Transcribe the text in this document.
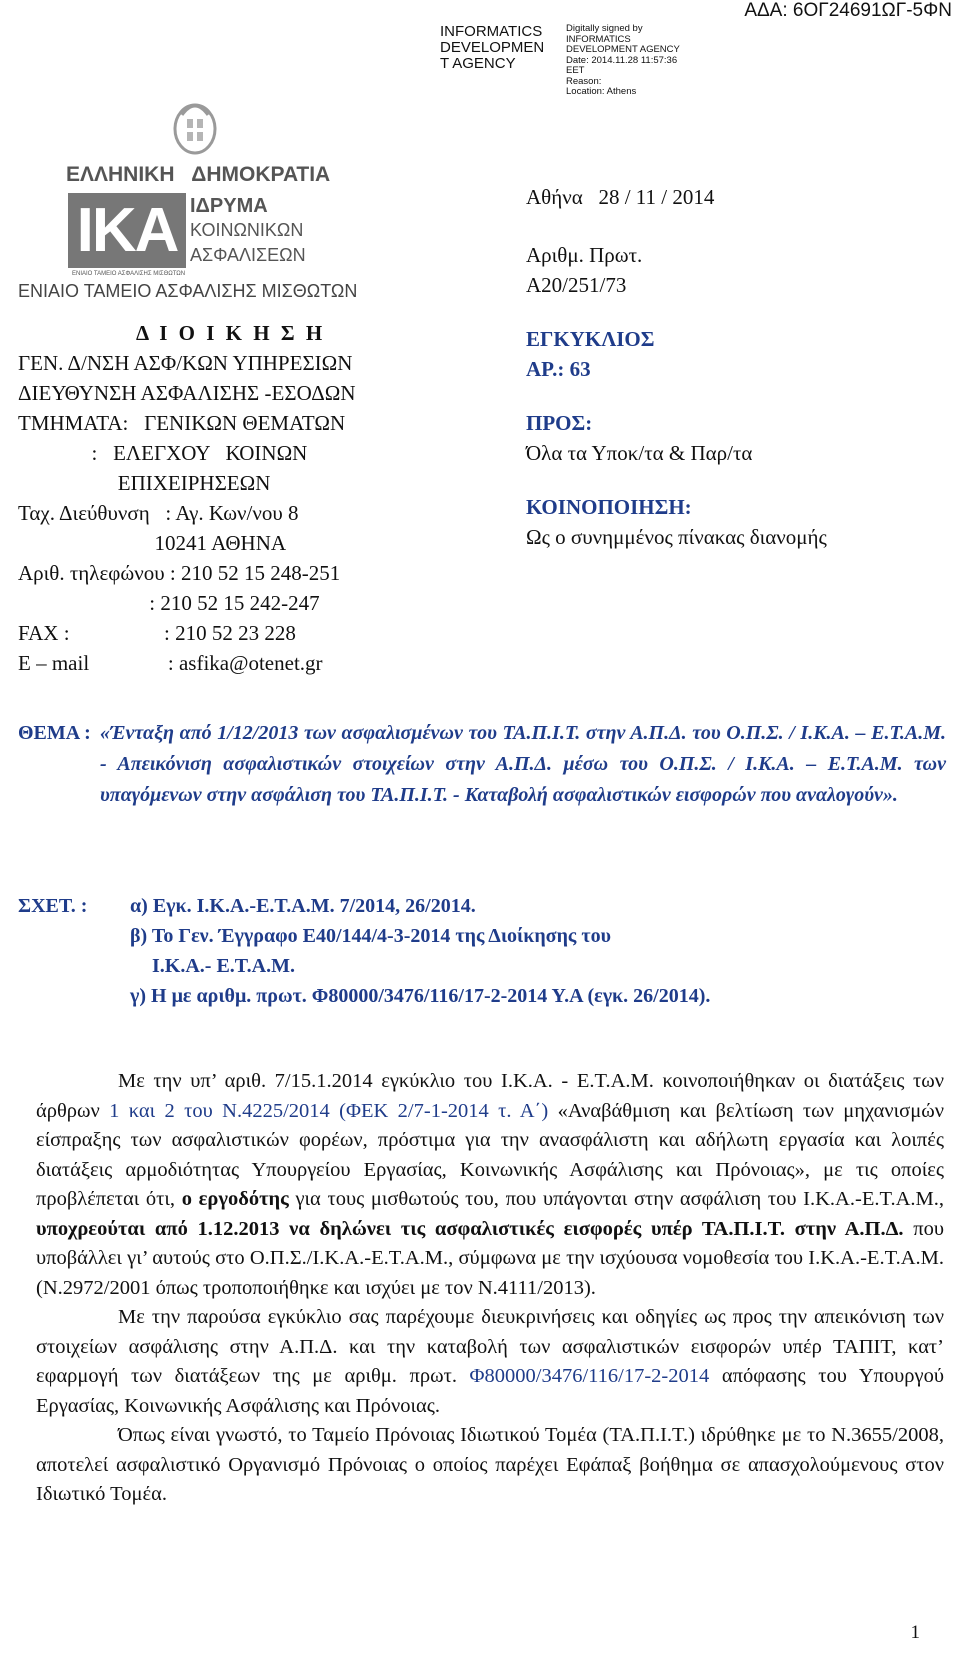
INFORMATICS
DEVELOPMEN
T AGENCY
Digitally signed by
INFORMATICS
DEVELOPMENT AGENCY
Date: 2014.11.28 11:57:36
EET
Reason:
Location: Athens
ΑΔΑ: 6ΟΓ24691ΩΓ-5ΦΝ
ΕΛΛΗΝΙΚΗ   ΔΗΜΟΚΡΑΤΙΑ
ΙΚΑ ΙΔΡΥΜΑ
ΚΟΙΝΩΝΙΚΩΝ
ΑΣΦΑΛΙΣΕΩΝ
ΕΝΙΑΙΟ ΤΑΜΕΙΟ ΑΣΦΑΛΙΣΗΣ ΜΙΣΘΩΤΩΝ
ΕΝΙΑΙΟ ΤΑΜΕΙΟ ΑΣΦΑΛΙΣΗΣ ΜΙΣΘΩΤΩΝ
Δ Ι Ο Ι Κ Η Σ Η
ΓΕΝ. Δ/ΝΣΗ ΑΣΦ/ΚΩΝ ΥΠΗΡΕΣΙΩΝ
ΔΙΕΥΘΥΝΣΗ ΑΣΦΑΛΙΣΗΣ -ΕΣΟΔΩΝ
ΤΜΗΜΑΤΑ:   ΓΕΝΙΚΩΝ ΘΕΜΑΤΩΝ
:   ΕΛΕΓΧΟΥ   ΚΟΙΝΩΝ
ΕΠΙΧΕΙΡΗΣΕΩΝ
Ταχ. Διεύθυνση   : Αγ. Κων/νου 8
10241 ΑΘΗΝΑ
Αριθ. τηλεφώνου : 210 52 15 248-251
: 210 52 15 242-247
FAX :                  : 210 52 23 228
E – mail               : asfika@otenet.gr
Αθήνα   28 / 11 / 2014
Αριθμ. Πρωτ.
Α20/251/73
ΕΓΚΥΚΛΙΟΣ
ΑΡ.: 63
ΠΡΟΣ:
Όλα τα Υποκ/τα & Παρ/τα
ΚΟΙΝΟΠΟΙΗΣΗ:
Ως ο συνημμένος πίνακας διανομής
ΘΕΜΑ : «Ένταξη από 1/12/2013 των ασφαλισμένων του ΤΑ.Π.Ι.Τ. στην Α.Π.Δ. του Ο.Π.Σ. / Ι.Κ.Α. – Ε.Τ.Α.Μ. - Απεικόνιση ασφαλιστικών στοιχείων στην Α.Π.Δ. μέσω του Ο.Π.Σ. / Ι.Κ.Α. – Ε.Τ.Α.Μ. των υπαγόμενων στην ασφάλιση του ΤΑ.Π.Ι.Τ. - Καταβολή ασφαλιστικών εισφορών που αναλογούν».
ΣΧΕΤ. :	α) Εγκ. Ι.Κ.Α.-Ε.Τ.Α.Μ. 7/2014, 26/2014.
β) Το Γεν. Έγγραφο Ε40/144/4-3-2014 της Διοίκησης του
Ι.Κ.Α.- Ε.Τ.Α.Μ.
γ) Η με αριθμ. πρωτ. Φ80000/3476/116/17-2-2014 Υ.Α (εγκ. 26/2014).

Με την υπ’ αριθ. 7/15.1.2014 εγκύκλιο του Ι.Κ.Α. - Ε.Τ.Α.Μ. κοινοποιήθηκαν οι διατάξεις των άρθρων 1 και 2 του Ν.4225/2014 (ΦΕΚ 2/7-1-2014 τ. Α΄) «Αναβάθμιση και βελτίωση των μηχανισμών είσπραξης των ασφαλιστικών φορέων, πρόστιμα για την ανασφάλιστη και αδήλωτη εργασία και λοιπές διατάξεις αρμοδιότητας Υπουργείου Εργασίας, Κοινωνικής Ασφάλισης και Πρόνοιας», με τις οποίες προβλέπεται ότι, ο εργοδότης για τους μισθωτούς του, που υπάγονται στην ασφάλιση του Ι.Κ.Α.-Ε.Τ.Α.Μ., υποχρεούται από 1.12.2013 να δηλώνει τις ασφαλιστικές εισφορές υπέρ ΤΑ.Π.Ι.Τ. στην Α.Π.Δ. που υποβάλλει γι’ αυτούς στο Ο.Π.Σ./Ι.Κ.Α.-Ε.Τ.Α.Μ., σύμφωνα με την ισχύουσα νομοθεσία του Ι.Κ.Α.-Ε.Τ.Α.Μ. (Ν.2972/2001 όπως τροποποιήθηκε και ισχύει με τον Ν.4111/2013).

Με την παρούσα εγκύκλιο σας παρέχουμε διευκρινήσεις και οδηγίες ως προς την απεικόνιση των στοιχείων ασφάλισης στην Α.Π.Δ. και την καταβολή των ασφαλιστικών εισφορών υπέρ ΤΑΠΙΤ, κατ’ εφαρμογή των διατάξεων της με αριθμ. πρωτ. Φ80000/3476/116/17-2-2014 απόφασης του Υπουργού Εργασίας, Κοινωνικής Ασφάλισης και Πρόνοιας.

Όπως είναι γνωστό, το Ταμείο Πρόνοιας Ιδιωτικού Τομέα (ΤΑ.Π.Ι.Τ.) ιδρύθηκε με το Ν.3655/2008, αποτελεί ασφαλιστικό Οργανισμό Πρόνοιας ο οποίος παρέχει Εφάπαξ βοήθημα σε απασχολούμενους στον Ιδιωτικό Τομέα.

1
